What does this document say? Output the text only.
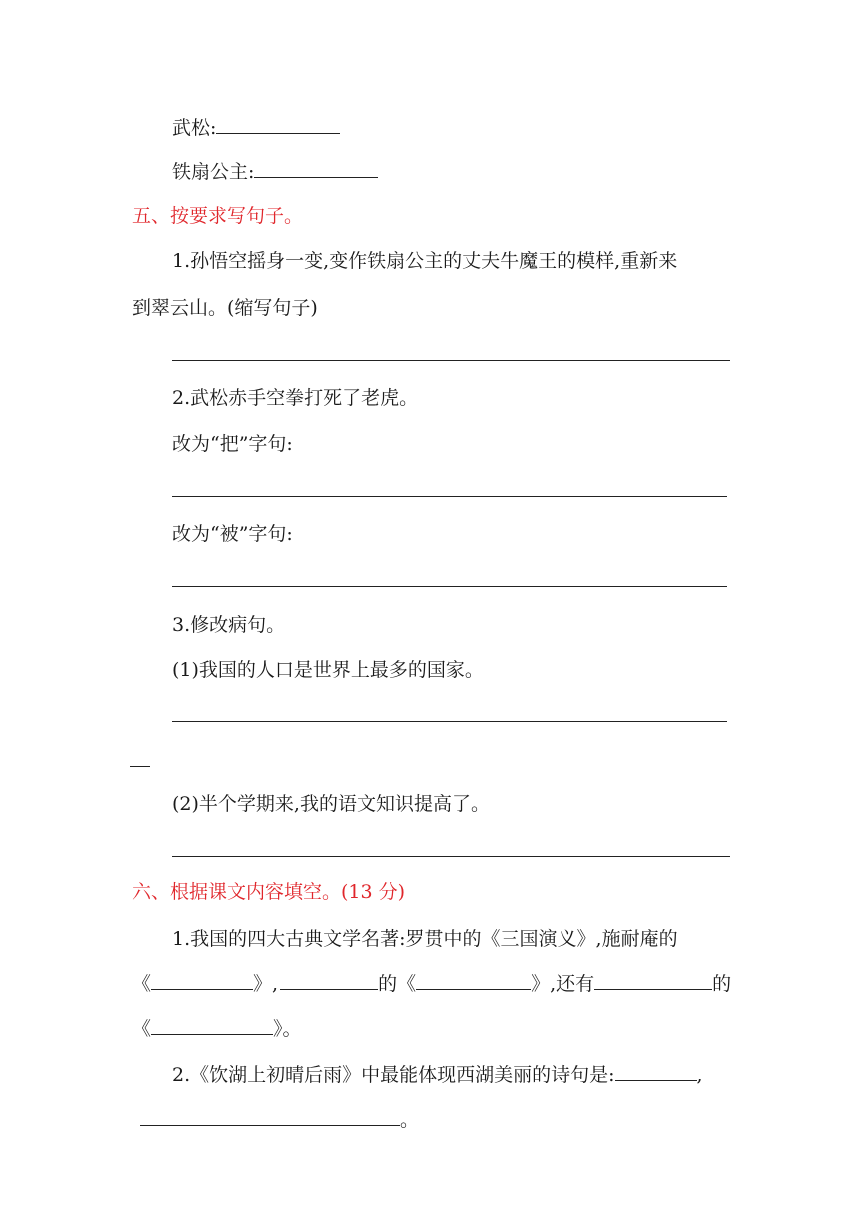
武松:
铁扇公主:
五、按要求写句子。
1.孙悟空摇身一变,变作铁扇公主的丈夫牛魔王的模样,重新来
到翠云山。(缩写句子)
2.武松赤手空拳打死了老虎。
改为“把”字句:
改为“被”字句:
3.修改病句。
(1)我国的人口是世界上最多的国家。
(2)半个学期来,我的语文知识提高了。
六、根据课文内容填空。(13 分)
1.我国的四大古典文学名著:罗贯中的《三国演义》,施耐庵的
《	》,	的《	》,还有	的
《	》。
2.《饮湖上初晴后雨》中最能体现西湖美丽的诗句是:	,
。
